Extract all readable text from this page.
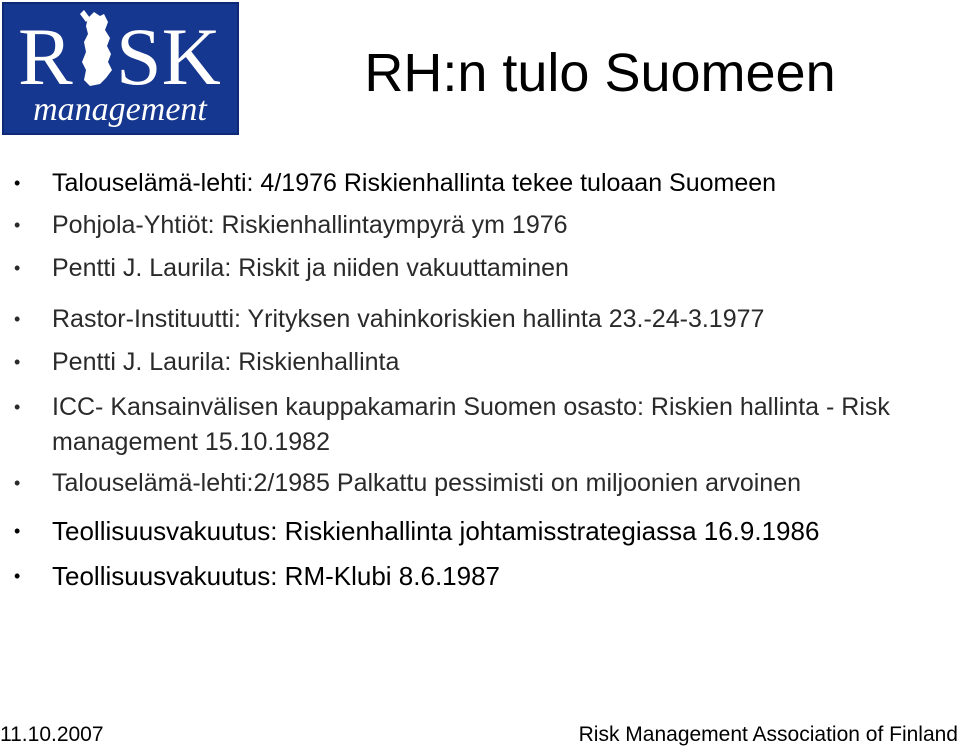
R SK
management
RH:n tulo Suomeen
• Talouselämä-lehti: 4/1976 Riskienhallinta tekee tuloaan Suomeen
• Pohjola-Yhtiöt: Riskienhallintaympyrä ym 1976
• Pentti J. Laurila: Riskit ja niiden vakuuttaminen
• Rastor-Instituutti: Yrityksen vahinkoriskien hallinta 23.-24-3.1977
• Pentti J. Laurila: Riskienhallinta
• ICC- Kansainvälisen kauppakamarin Suomen osasto: Riskien hallinta - Risk management 15.10.1982
• Talouselämä-lehti:2/1985 Palkattu pessimisti on miljoonien arvoinen
• Teollisuusvakuutus: Riskienhallinta johtamisstrategiassa 16.9.1986
• Teollisuusvakuutus: RM-Klubi 8.6.1987
11.10.2007	Risk Management Association of Finland
